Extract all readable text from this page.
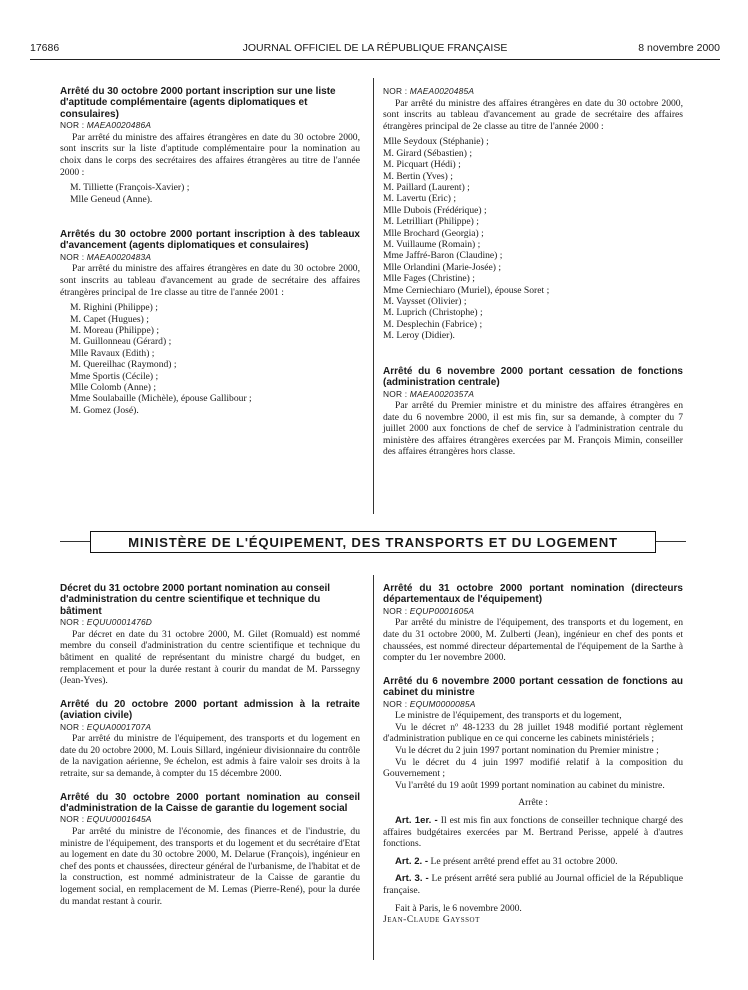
17686	JOURNAL OFFICIEL DE LA RÉPUBLIQUE FRANÇAISE	8 novembre 2000

Arrêté du 30 octobre 2000 portant inscription sur une liste d'aptitude complémentaire (agents diplomatiques et consulaires)

NOR : MAEA0020486A

Par arrêté du ministre des affaires étrangères en date du 30 octobre 2000, sont inscrits sur la liste d'aptitude complémentaire pour la nomination au choix dans le corps des secrétaires des affaires étrangères au titre de l'année 2000 :

M. Tilliette (François-Xavier) ;
Mlle Geneud (Anne).

Arrêtés du 30 octobre 2000 portant inscription à des tableaux d'avancement (agents diplomatiques et consulaires)

NOR : MAEA0020483A

Par arrêté du ministre des affaires étrangères en date du 30 octobre 2000, sont inscrits au tableau d'avancement au grade de secrétaire des affaires étrangères principal de 1re classe au titre de l'année 2001 :

M. Righini (Philippe) ;
M. Capet (Hugues) ;
M. Moreau (Philippe) ;
M. Guillonneau (Gérard) ;
Mlle Ravaux (Edith) ;
M. Quereilhac (Raymond) ;
Mme Sportis (Cécile) ;
Mlle Colomb (Anne) ;
Mme Soulabaille (Michèle), épouse Gallibour ;
M. Gomez (José).

NOR : MAEA0020485A

Par arrêté du ministre des affaires étrangères en date du 30 octobre 2000, sont inscrits au tableau d'avancement au grade de secrétaire des affaires étrangères principal de 2e classe au titre de l'année 2000 :

Mlle Seydoux (Stéphanie) ;
M. Girard (Sébastien) ;
M. Picquart (Hédi) ;
M. Bertin (Yves) ;
M. Paillard (Laurent) ;
M. Lavertu (Eric) ;
Mlle Dubois (Frédérique) ;
M. Letrilliart (Philippe) ;
Mlle Brochard (Georgia) ;
M. Vuillaume (Romain) ;
Mme Jaffré-Baron (Claudine) ;
Mlle Orlandini (Marie-Josée) ;
Mlle Fages (Christine) ;
Mme Cerniechiaro (Muriel), épouse Soret ;
M. Vaysset (Olivier) ;
M. Luprich (Christophe) ;
M. Desplechin (Fabrice) ;
M. Leroy (Didier).

Arrêté du 6 novembre 2000 portant cessation de fonctions (administration centrale)

NOR : MAEA0020357A

Par arrêté du Premier ministre et du ministre des affaires étrangères en date du 6 novembre 2000, il est mis fin, sur sa demande, à compter du 7 juillet 2000 aux fonctions de chef de service à l'administration centrale du ministère des affaires étrangères exercées par M. François Mimin, conseiller des affaires étrangères hors classe.

MINISTÈRE DE L'ÉQUIPEMENT, DES TRANSPORTS ET DU LOGEMENT

Décret du 31 octobre 2000 portant nomination au conseil d'administration du centre scientifique et technique du bâtiment

NOR : EQUU0001476D

Par décret en date du 31 octobre 2000, M. Gilet (Romuald) est nommé membre du conseil d'administration du centre scientifique et technique du bâtiment en qualité de représentant du ministre chargé du budget, en remplacement et pour la durée restant à courir du mandat de M. Parssegny (Jean-Yves).

Arrêté du 20 octobre 2000 portant admission à la retraite (aviation civile)

NOR : EQUA0001707A

Par arrêté du ministre de l'équipement, des transports et du logement en date du 20 octobre 2000, M. Louis Sillard, ingénieur divisionnaire du contrôle de la navigation aérienne, 9e échelon, est admis à faire valoir ses droits à la retraite, sur sa demande, à compter du 15 décembre 2000.

Arrêté du 30 octobre 2000 portant nomination au conseil d'administration de la Caisse de garantie du logement social

NOR : EQUU0001645A

Par arrêté du ministre de l'économie, des finances et de l'industrie, du ministre de l'équipement, des transports et du logement et du secrétaire d'Etat au logement en date du 30 octobre 2000, M. Delarue (François), ingénieur en chef des ponts et chaussées, directeur général de l'urbanisme, de l'habitat et de la construction, est nommé administrateur de la Caisse de garantie du logement social, en remplacement de M. Lemas (Pierre-René), pour la durée du mandat restant à courir.

Arrêté du 31 octobre 2000 portant nomination (directeurs départementaux de l'équipement)

NOR : EQUP0001605A

Par arrêté du ministre de l'équipement, des transports et du logement, en date du 31 octobre 2000, M. Zulberti (Jean), ingénieur en chef des ponts et chaussées, est nommé directeur départemental de l'équipement de la Sarthe à compter du 1er novembre 2000.

Arrêté du 6 novembre 2000 portant cessation de fonctions au cabinet du ministre

NOR : EQUM0000085A

Le ministre de l'équipement, des transports et du logement,

Vu le décret nº 48-1233 du 28 juillet 1948 modifié portant règlement d'administration publique en ce qui concerne les cabinets ministériels ;

Vu le décret du 2 juin 1997 portant nomination du Premier ministre ;

Vu le décret du 4 juin 1997 modifié relatif à la composition du Gouvernement ;

Vu l'arrêté du 19 août 1999 portant nomination au cabinet du ministre.

Arrête :

Art. 1er. - Il est mis fin aux fonctions de conseiller technique chargé des affaires budgétaires exercées par M. Bertrand Perisse, appelé à d'autres fonctions.

Art. 2. - Le présent arrêté prend effet au 31 octobre 2000.

Art. 3. - Le présent arrêté sera publié au Journal officiel de la République française.

Fait à Paris, le 6 novembre 2000.

Jean-Claude Gayssot
